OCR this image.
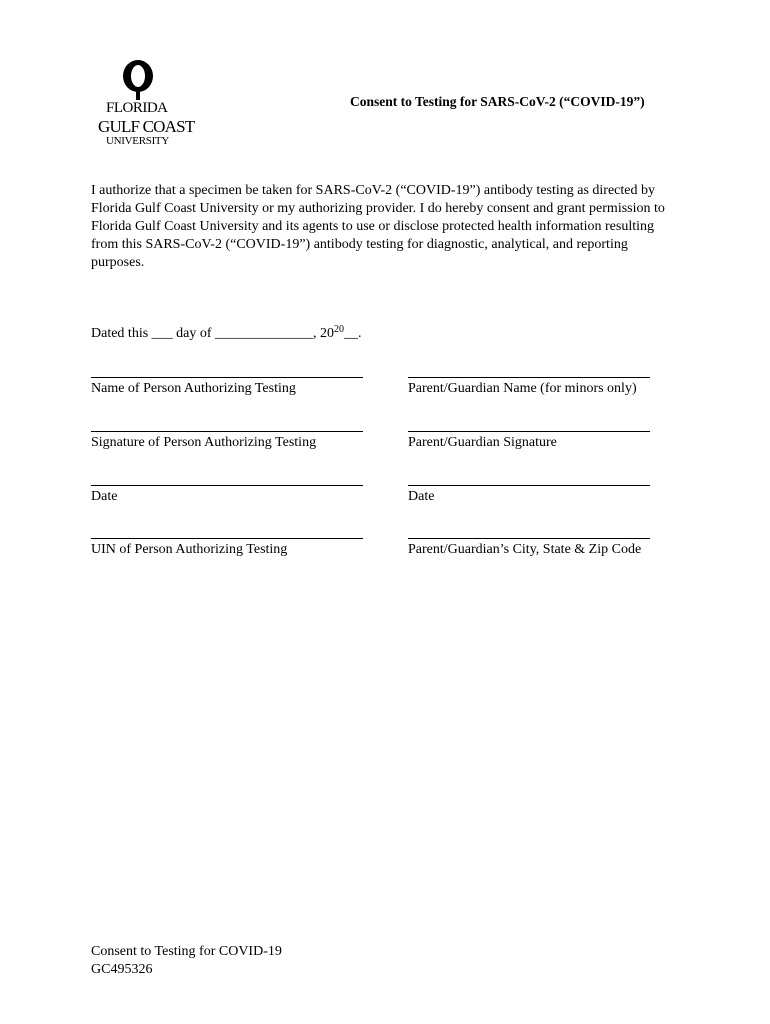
FLORIDA
GULF COAST
UNIVERSITY
Consent to Testing for SARS-CoV-2 (“COVID-19”)
I authorize that a specimen be taken for SARS-CoV-2 (“COVID-19”) antibody testing as directed by Florida Gulf Coast University or my authorizing provider. I do hereby consent and grant permission to Florida Gulf Coast University and its agents to use or disclose protected health information resulting from this SARS-CoV-2 (“COVID-19”) antibody testing for diagnostic, analytical, and reporting purposes.
Dated this ___ day of ______________, $20^{20}\_\_$.
Name of Person Authorizing Testing	Parent/Guardian Name (for minors only)
Signature of Person Authorizing Testing	Parent/Guardian Signature
Date	Date
UIN of Person Authorizing Testing	Parent/Guardian’s City, State & Zip Code
Consent to Testing for COVID-19
GC495326
